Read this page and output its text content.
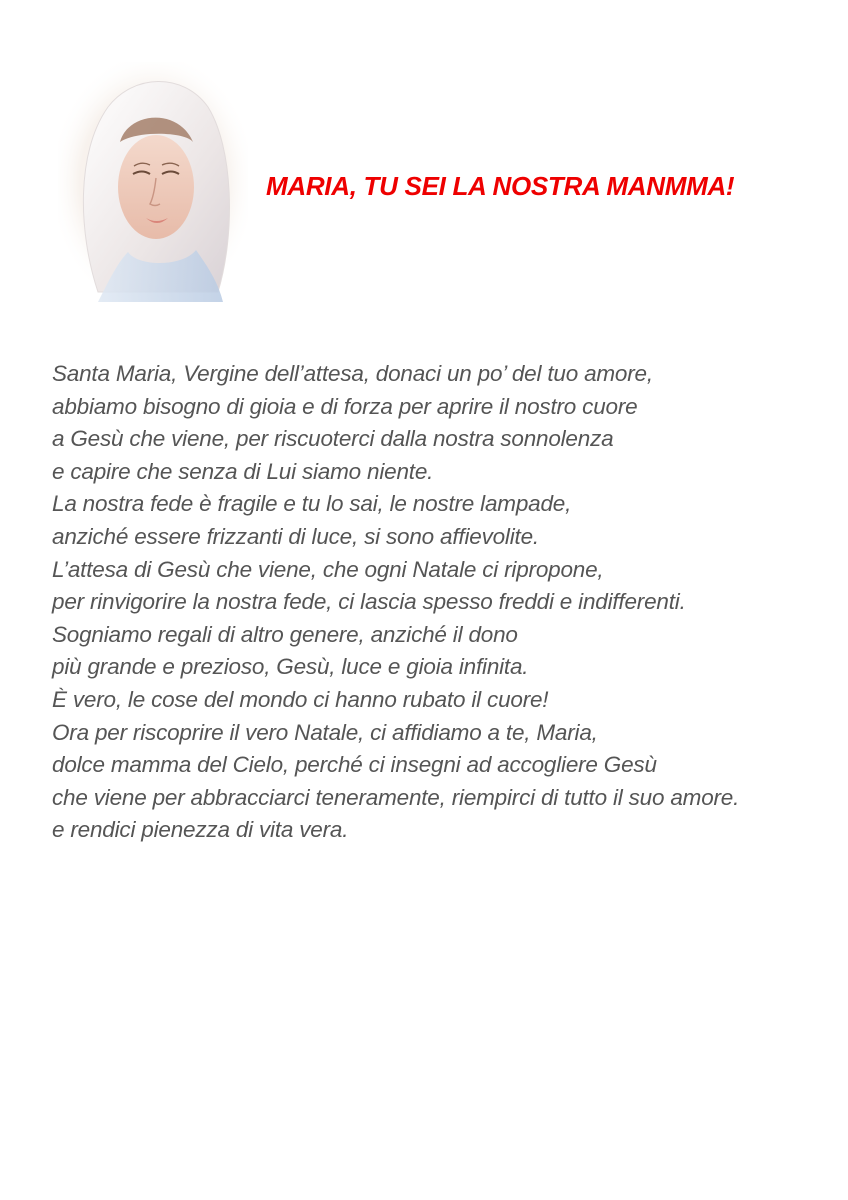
MARIA, TU SEI LA NOSTRA MANMMA!
Santa Maria, Vergine dell’attesa, donaci un po’ del tuo amore,
abbiamo bisogno di gioia e di forza per aprire il nostro cuore
a Gesù che viene, per riscuoterci dalla nostra sonnolenza
e capire che senza di Lui siamo niente.
La nostra fede è fragile e tu lo sai, le nostre lampade,
anziché essere frizzanti di luce, si sono affievolite.
L’attesa di Gesù che viene, che ogni Natale ci ripropone,
per rinvigorire la nostra fede, ci lascia spesso freddi e indifferenti.
Sogniamo regali di altro genere, anziché il dono
più grande e prezioso, Gesù, luce e gioia infinita.
È vero, le cose del mondo ci hanno rubato il cuore!
Ora per riscoprire il vero Natale, ci affidiamo a te, Maria,
dolce mamma del Cielo, perché ci insegni ad accogliere Gesù
che viene per abbracciarci teneramente, riempirci di tutto il suo amore.
e rendici pienezza di vita vera.
